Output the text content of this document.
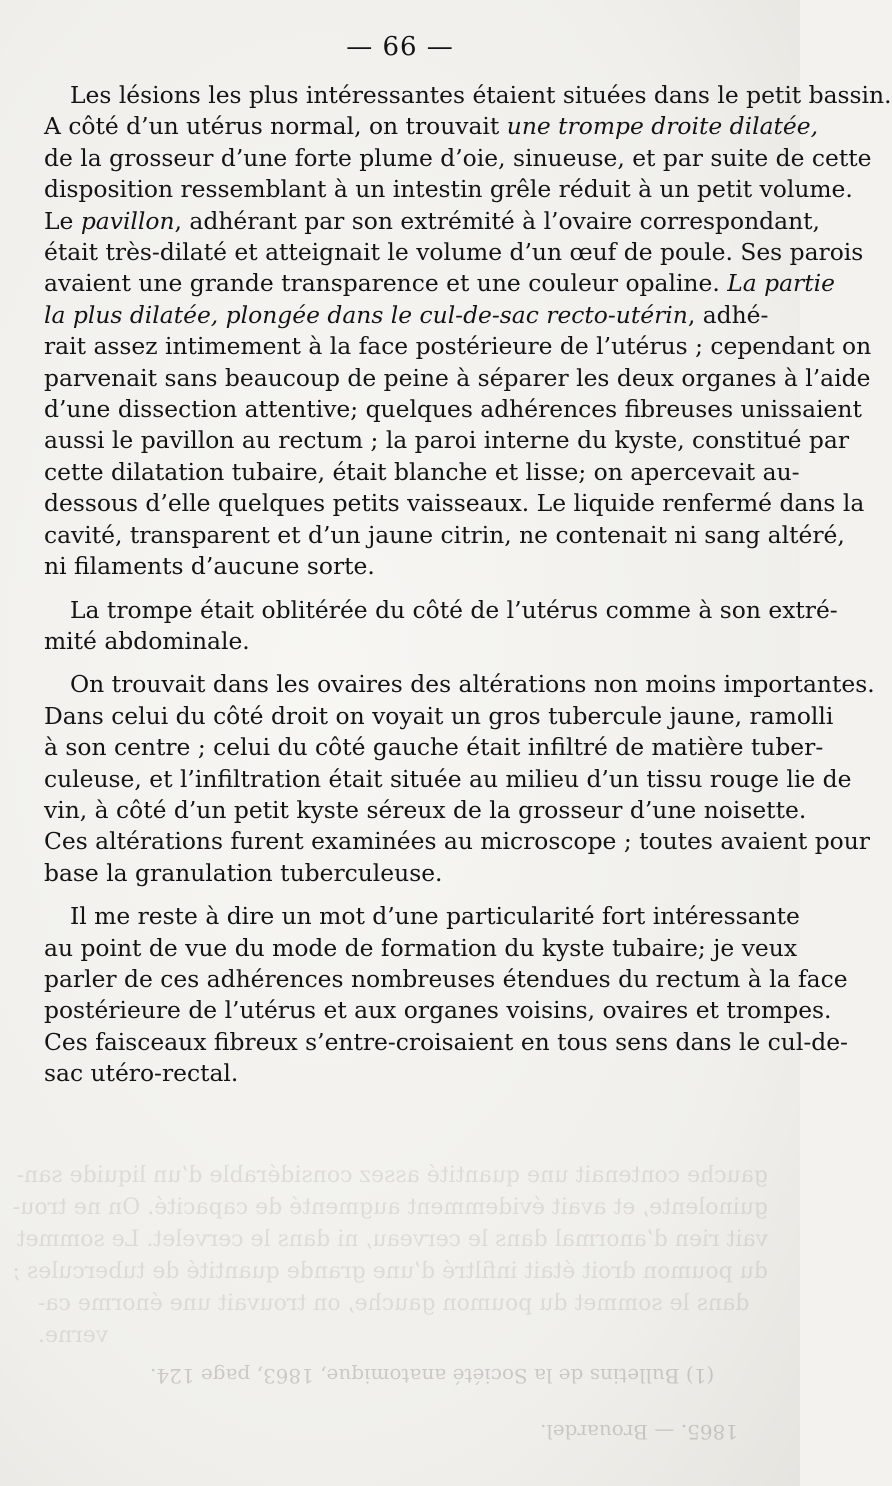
gauche contenait une quantité assez considérable d’un liquide san-
guinolente, et avait évidemment augmenté de capacité. On ne trou-
vait rien d’anormal dans le cerveau, ni dans le cervelet. Le sommet
du poumon droit était infiltré d’une grande quantité de tubercules ;
dans le sommet du poumon gauche, on trouvait une énorme ca-
verne.
(1) Bulletins de la Société anatomique, 1863, page 124.
1865. — Brouardel.
— 66 —

Les lésions les plus intéressantes étaient situées dans le petit bassin.
A côté d’un utérus normal, on trouvait une trompe droite dilatée,
de la grosseur d’une forte plume d’oie, sinueuse, et par suite de cette
disposition ressemblant à un intestin grêle réduit à un petit volume.
Le pavillon, adhérant par son extrémité à l’ovaire correspondant,
était très-dilaté et atteignait le volume d’un œuf de poule. Ses parois
avaient une grande transparence et une couleur opaline. La partie
la plus dilatée, plongée dans le cul-de-sac recto-utérin, adhé-
rait assez intimement à la face postérieure de l’utérus ; cependant on
parvenait sans beaucoup de peine à séparer les deux organes à l’aide
d’une dissection attentive; quelques adhérences fibreuses unissaient
aussi le pavillon au rectum ; la paroi interne du kyste, constitué par
cette dilatation tubaire, était blanche et lisse; on apercevait au-
dessous d’elle quelques petits vaisseaux. Le liquide renfermé dans la
cavité, transparent et d’un jaune citrin, ne contenait ni sang altéré,
ni filaments d’aucune sorte.

La trompe était oblitérée du côté de l’utérus comme à son extré-
mité abdominale.

On trouvait dans les ovaires des altérations non moins importantes.
Dans celui du côté droit on voyait un gros tubercule jaune, ramolli
à son centre ; celui du côté gauche était infiltré de matière tuber-
culeuse, et l’infiltration était située au milieu d’un tissu rouge lie de
vin, à côté d’un petit kyste séreux de la grosseur d’une noisette.
Ces altérations furent examinées au microscope ; toutes avaient pour
base la granulation tuberculeuse.

Il me reste à dire un mot d’une particularité fort intéressante
au point de vue du mode de formation du kyste tubaire; je veux
parler de ces adhérences nombreuses étendues du rectum à la face
postérieure de l’utérus et aux organes voisins, ovaires et trompes.
Ces faisceaux fibreux s’entre-croisaient en tous sens dans le cul-de-
sac utéro-rectal.
